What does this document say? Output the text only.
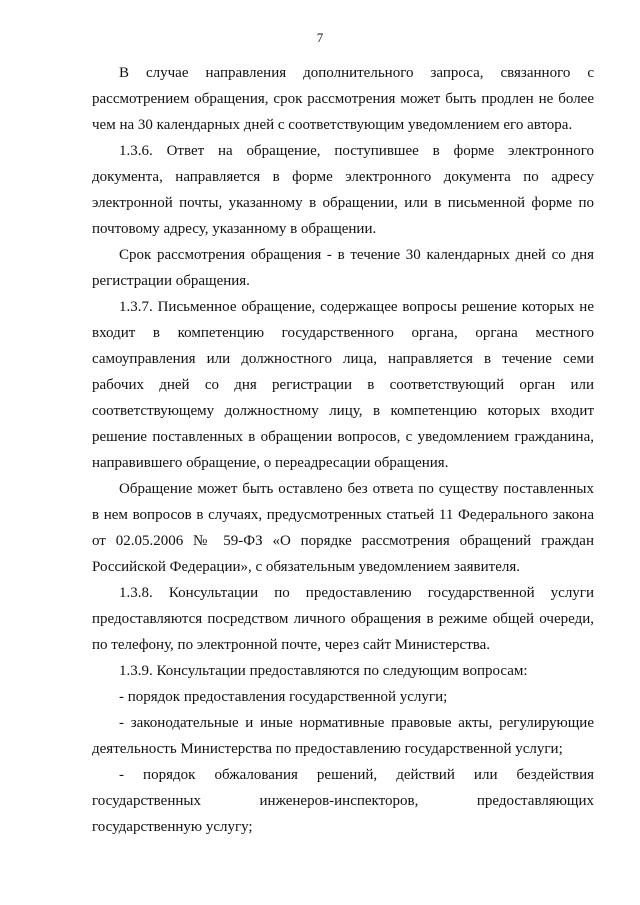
7

В случае направления дополнительного запроса, связанного с рассмотрением обращения, срок рассмотрения может быть продлен не более чем на 30 календарных дней с соответствующим уведомлением его автора.

1.3.6. Ответ на обращение, поступившее в форме электронного документа, направляется в форме электронного документа по адресу электронной почты, указанному в обращении, или в письменной форме по почтовому адресу, указанному в обращении.

Срок рассмотрения обращения - в течение 30 календарных дней со дня регистрации обращения.

1.3.7. Письменное обращение, содержащее вопросы решение которых не входит в компетенцию государственного органа, органа местного самоуправления или должностного лица, направляется в течение семи рабочих дней со дня регистрации в соответствующий орган или соответствующему должностному лицу, в компетенцию которых входит решение поставленных в обращении вопросов, с уведомлением гражданина, направившего обращение, о переадресации обращения.

Обращение может быть оставлено без ответа по существу поставленных в нем вопросов в случаях, предусмотренных статьей 11 Федерального закона от 02.05.2006 № 59-ФЗ «О порядке рассмотрения обращений граждан Российской Федерации», с обязательным уведомлением заявителя.

1.3.8. Консультации по предоставлению государственной услуги предоставляются посредством личного обращения в режиме общей очереди, по телефону, по электронной почте, через сайт Министерства.

1.3.9. Консультации предоставляются по следующим вопросам:

- порядок предоставления государственной услуги;

- законодательные и иные нормативные правовые акты, регулирующие деятельность Министерства по предоставлению государственной услуги;

- порядок обжалования решений, действий или бездействия государственных инженеров-инспекторов, предоставляющих государственную услугу;
